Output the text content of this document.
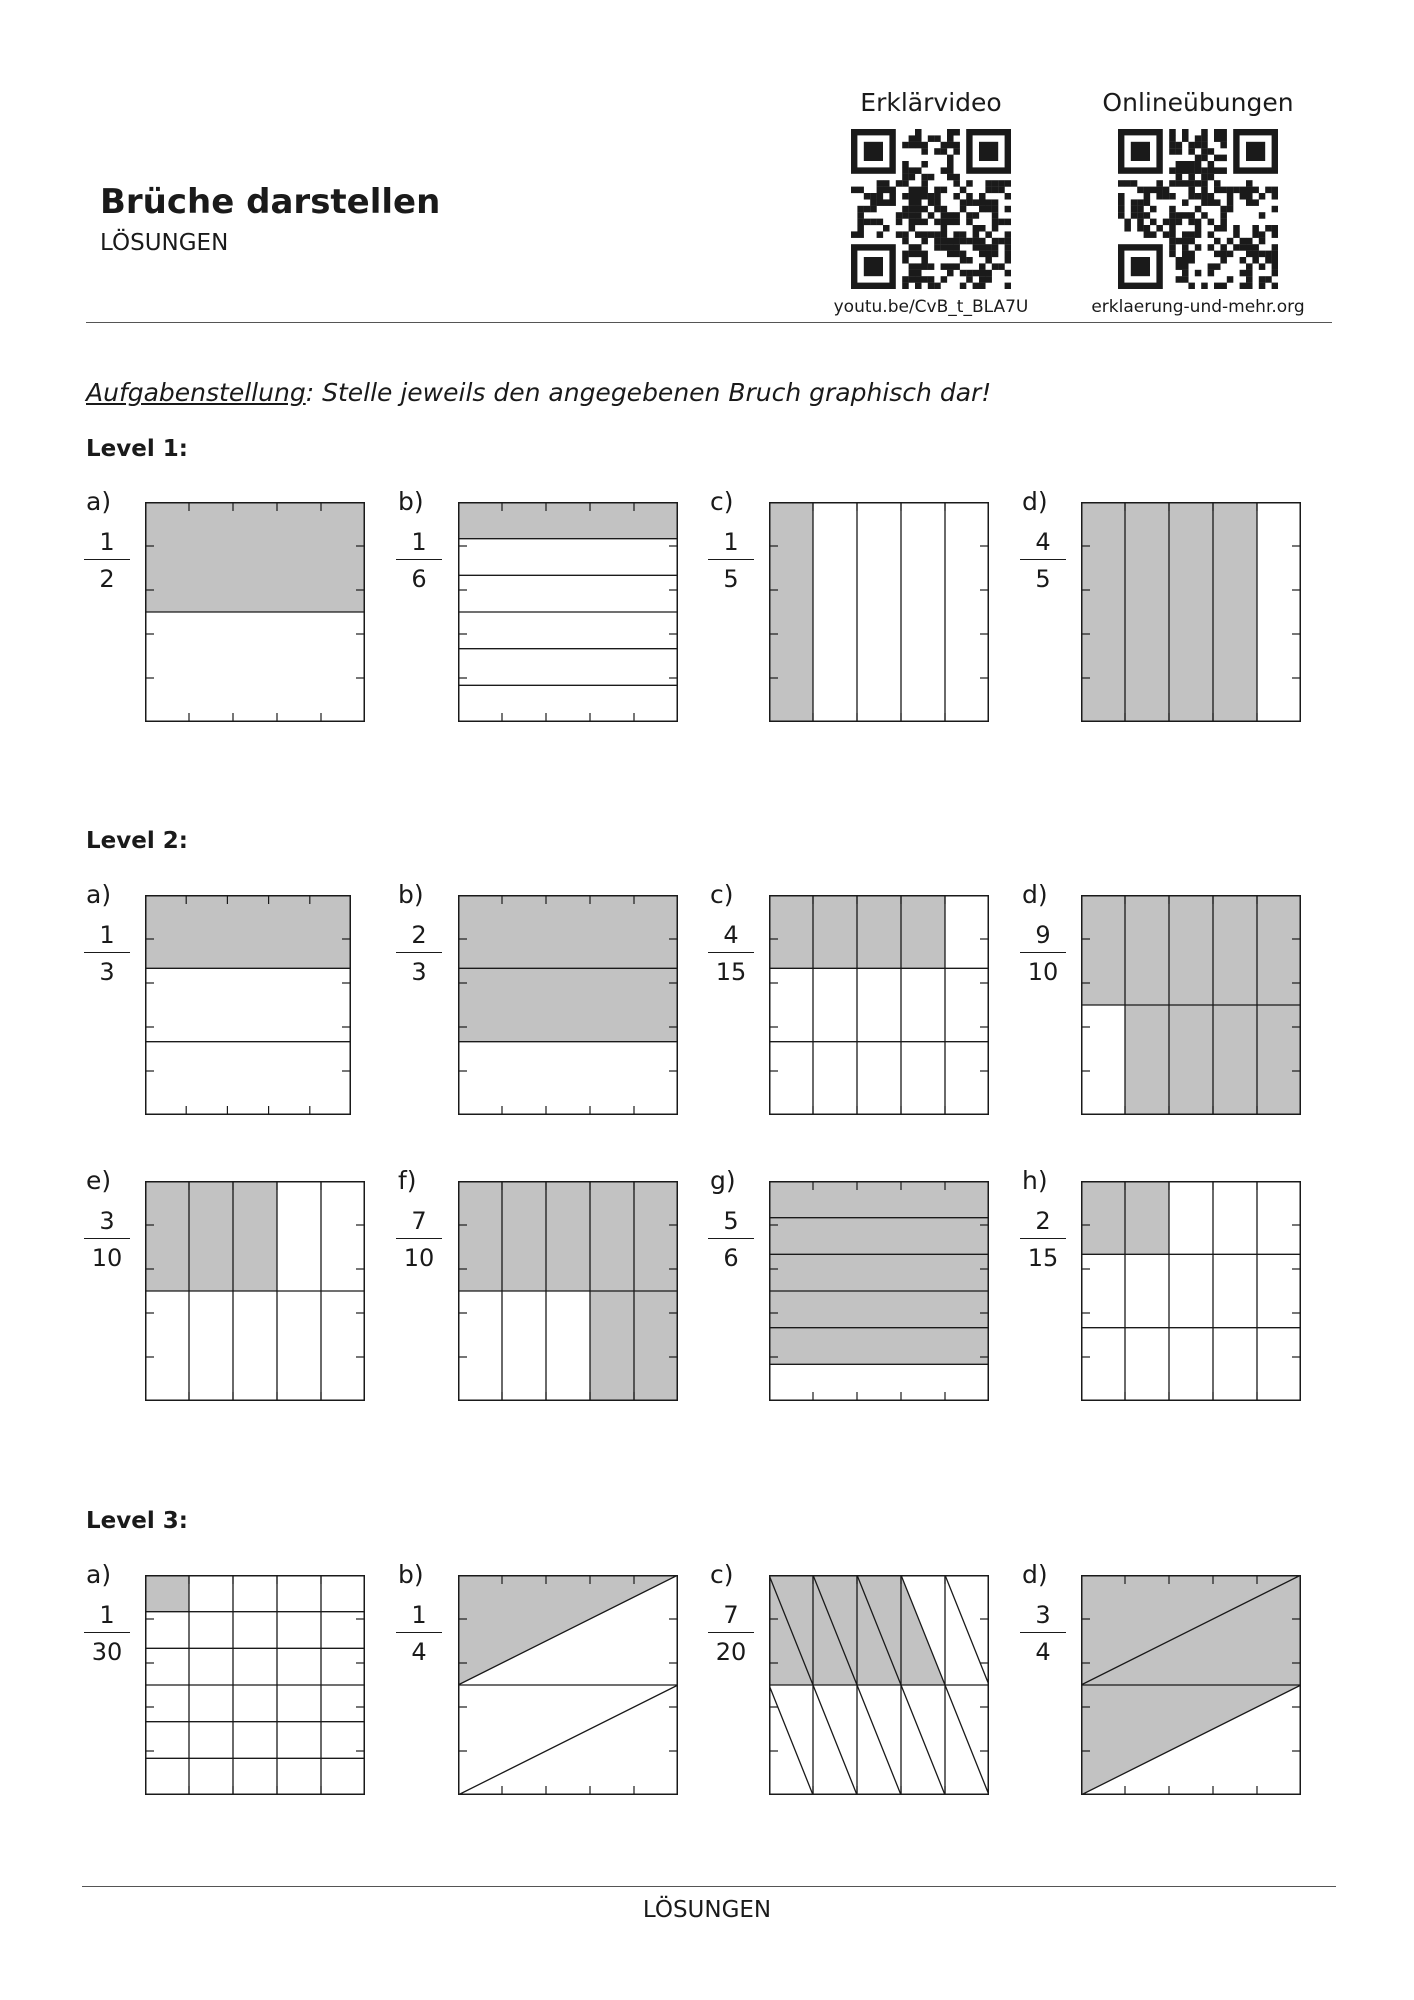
Brüche darstellen
LÖSUNGEN
Erklärvideo
youtu.be/CvB_t_BLA7U
Onlineübungen
erklaerung-und-mehr.org
Aufgabenstellung: Stelle jeweils den angegebenen Bruch graphisch dar!
Level 1:
Level 2:
Level 3:
a)
1
2
b)
1
6
c)
1
5
d)
4
5
a)
1
3
b)
2
3
c)
4
15
d)
9
10
e)
3
10
f)
7
10
g)
5
6
h)
2
15
a)
1
30
b)
1
4
c)
7
20
d)
3
4
LÖSUNGEN
